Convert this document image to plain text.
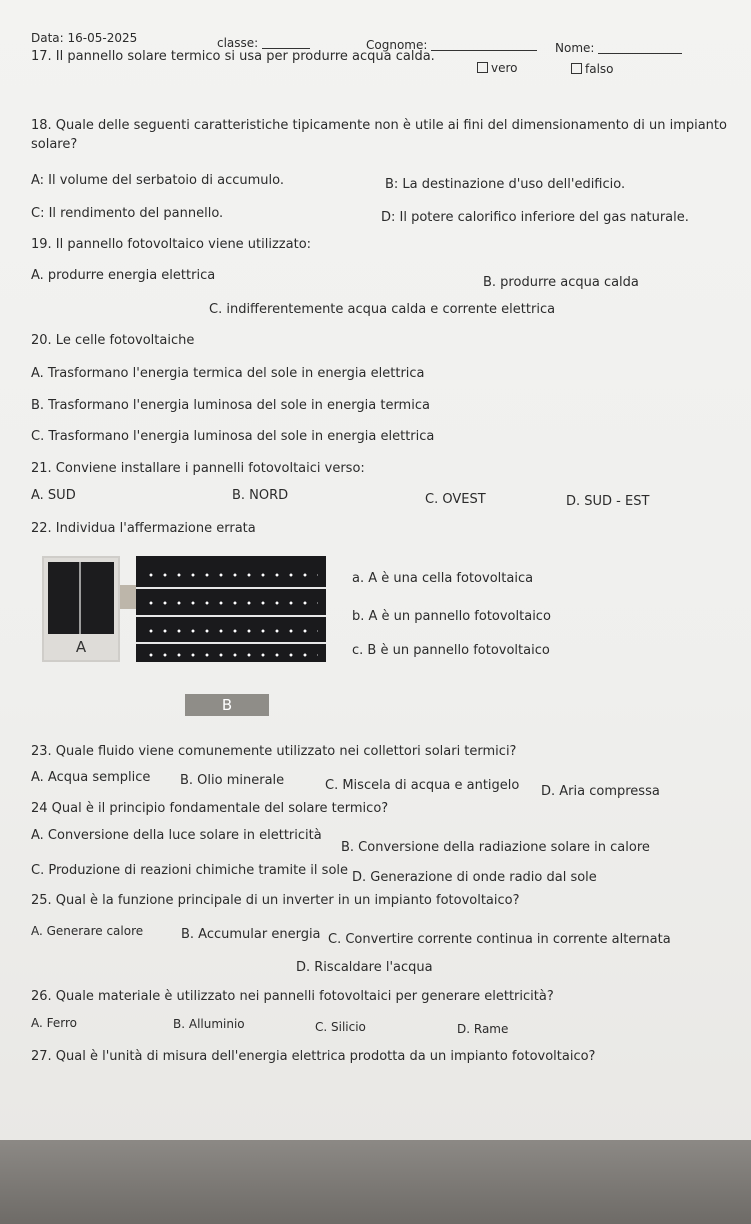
Data: 16-05-2025	classe:	Cognome:	Nome:
17. Il pannello solare termico si usa per produrre acqua calda.
vero	falso
18. Quale delle seguenti caratteristiche tipicamente non è utile ai fini del dimensionamento di un impianto
solare?
A: Il volume del serbatoio di accumulo.	B: La destinazione d'uso dell'edificio.
C: Il rendimento del pannello.	D: Il potere calorifico inferiore del gas naturale.
19. Il pannello fotovoltaico viene utilizzato:
A. produrre energia elettrica	B. produrre acqua calda
C. indifferentemente acqua calda e corrente elettrica
20. Le celle fotovoltaiche
A. Trasformano l'energia termica del sole in energia elettrica
B. Trasformano l'energia luminosa del sole in energia termica
C. Trasformano l'energia luminosa del sole in energia elettrica
21. Conviene installare i pannelli fotovoltaici verso:
A. SUD	B. NORD	C. OVEST	D. SUD - EST
22. Individua l'affermazione errata
A
B
a. A è una cella fotovoltaica
b. A è un pannello fotovoltaico
c. B è un pannello fotovoltaico
23. Quale fluido viene comunemente utilizzato nei collettori solari termici?
A. Acqua semplice B. Olio minerale	C. Miscela di acqua e antigelo D. Aria compressa
24 Qual è il principio fondamentale del solare termico?
A. Conversione della luce solare in elettricità
B. Conversione della radiazione solare in calore
C. Produzione di reazioni chimiche tramite il sole D. Generazione di onde radio dal sole
25. Qual è la funzione principale di un inverter in un impianto fotovoltaico?
A. Generare calore	B. Accumular energia C. Convertire corrente continua in corrente alternata
D. Riscaldare l'acqua
26. Quale materiale è utilizzato nei pannelli fotovoltaici per generare elettricità?
A. Ferro	B. Alluminio	C. Silicio	D. Rame
27. Qual è l'unità di misura dell'energia elettrica prodotta da un impianto fotovoltaico?
